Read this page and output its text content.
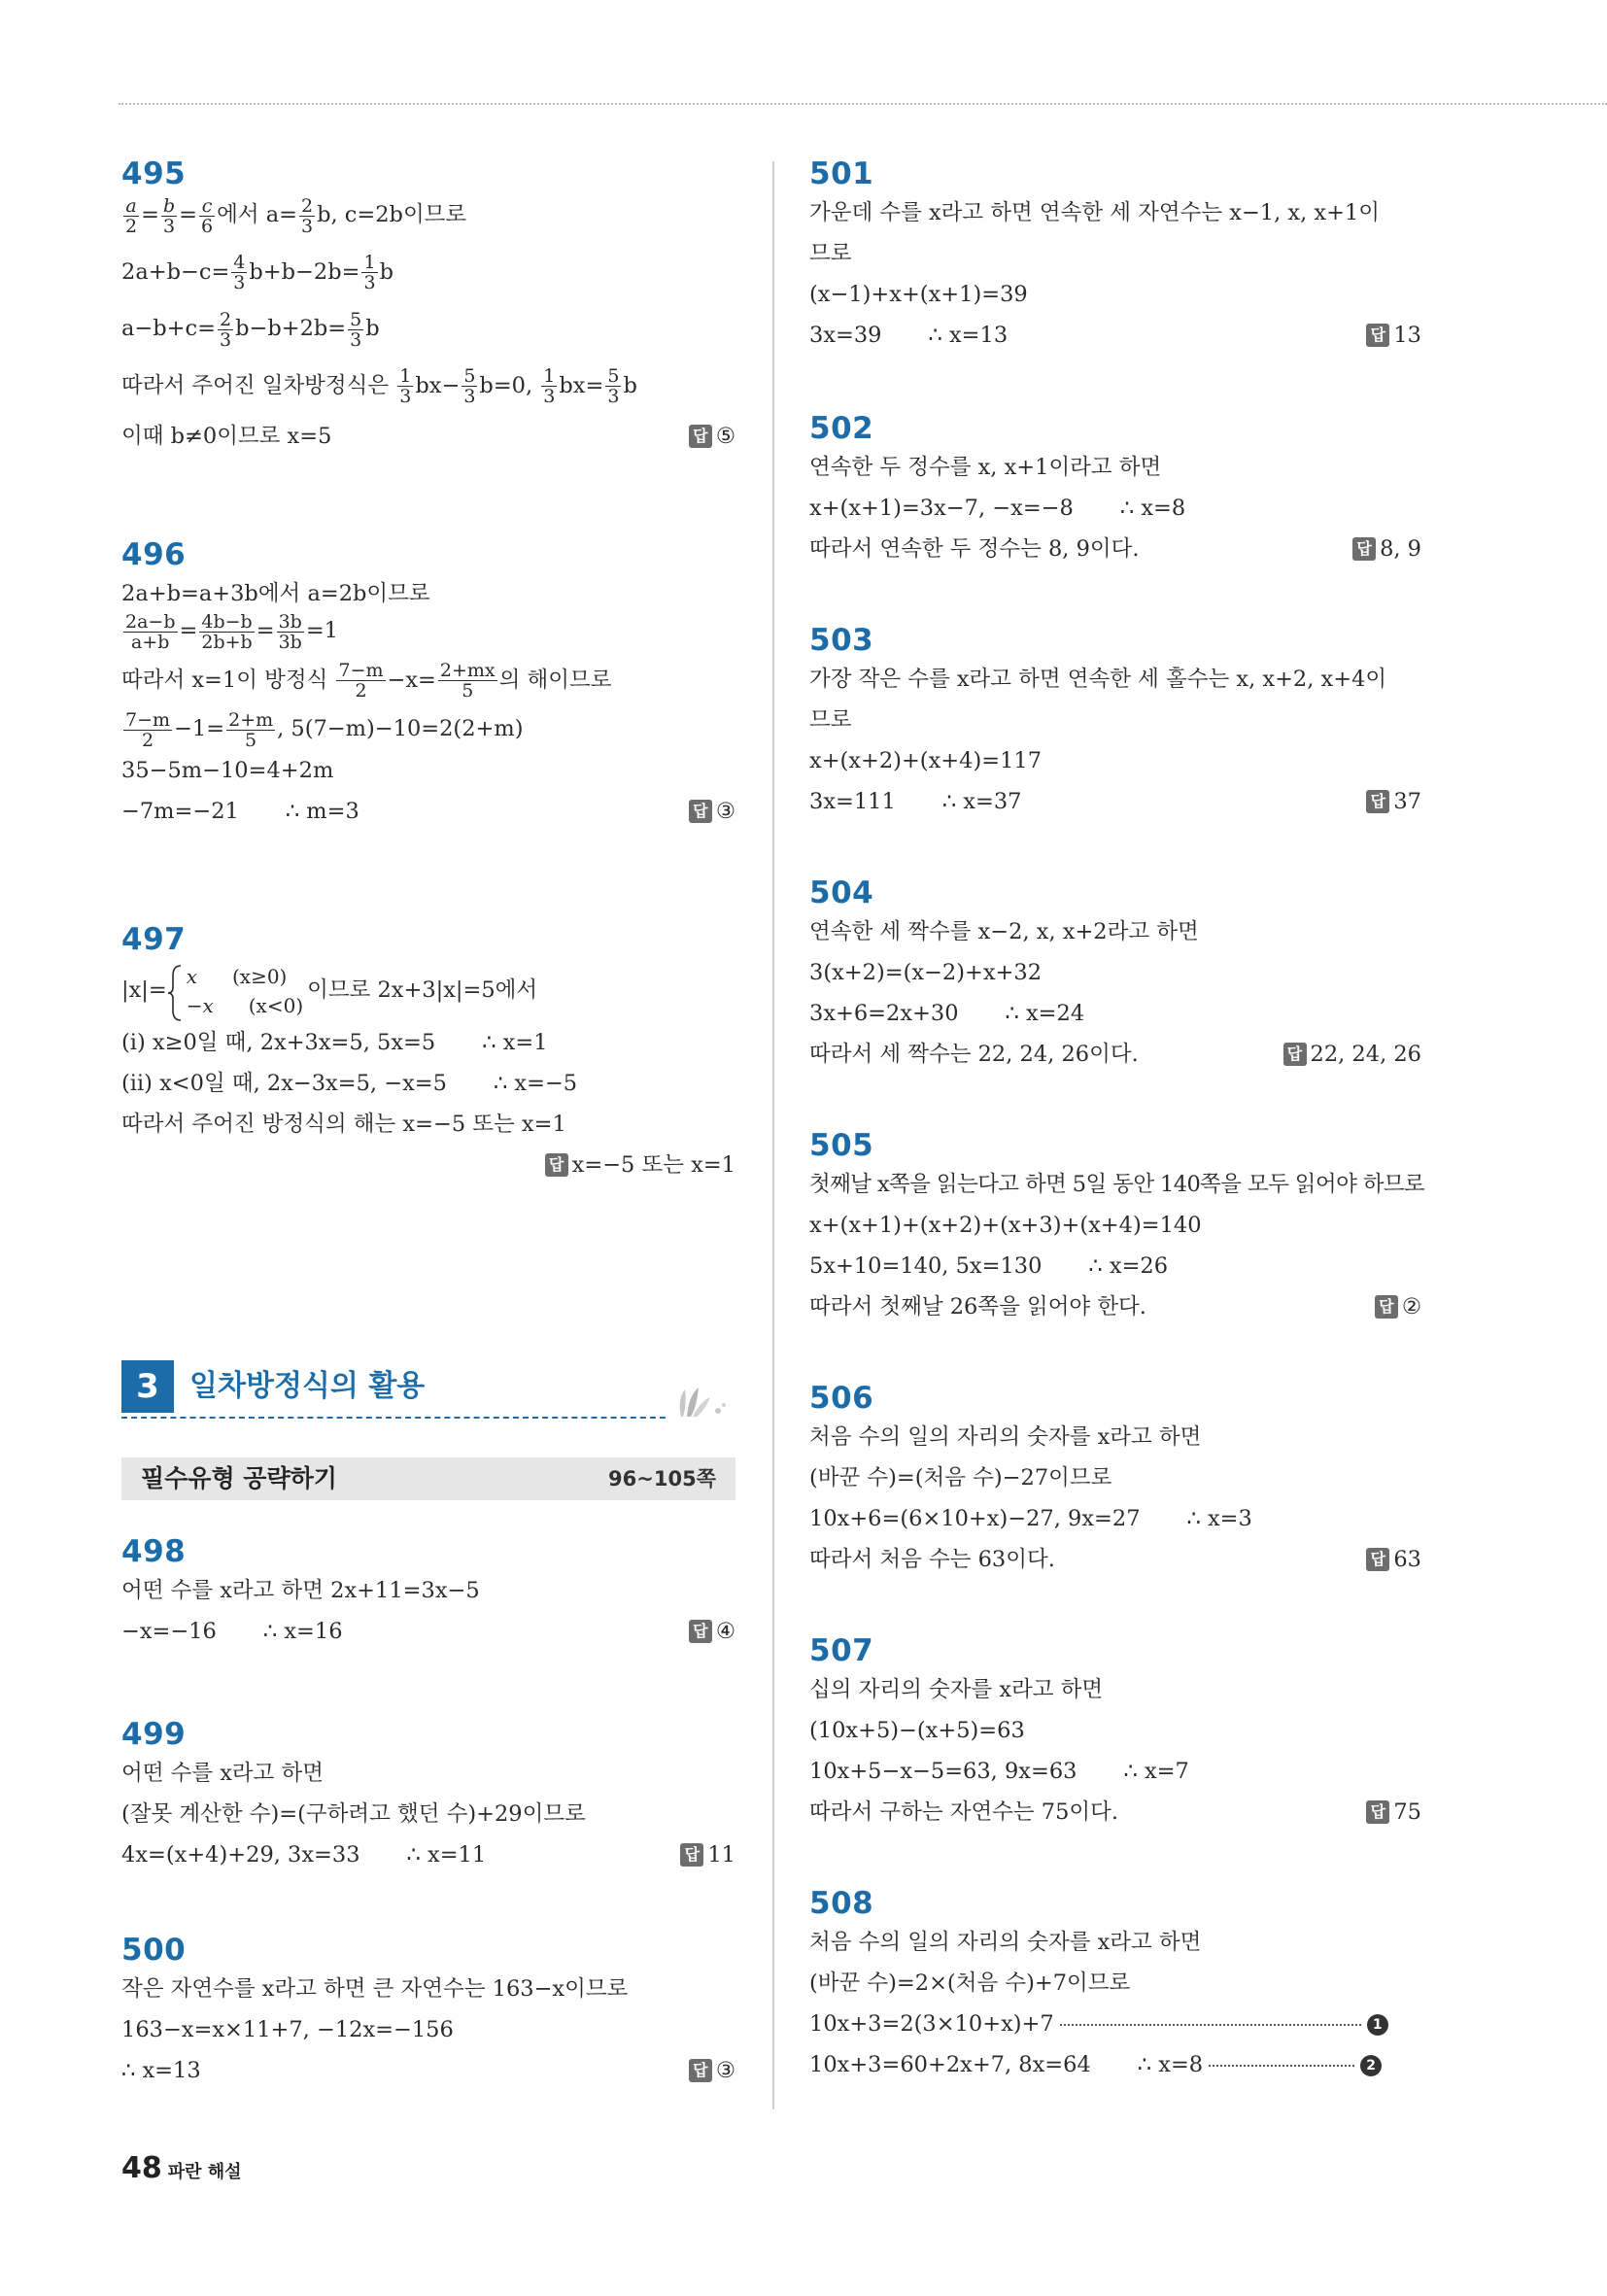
495
$\frac{a}{2} = \frac{b}{3} = \frac{c}{6}$ 에서 $a= \frac{2}{3} b$, c=2b이므로
$2a+b-c= \frac{4}{3} b+b-2b= \frac{1}{3}$ b
$a-b+c= \frac{2}{3} b-b+2b= \frac{5}{3}$ b
따라서 주어진 일차방정식은 $\frac{1}{3} bx- \frac{5}{3} b=0$, $\frac{1}{3} bx= \frac{5}{3}$ b
이때 b≠0이므로 x=5	답 ⑤
496
2a+b=a+3b에서 a=2b이므로
$\frac{2a-b}{a+b} = \frac{4b-b}{2b+b} = \frac{3b}{3b} =1$
따라서 x=1이 방정식 $\frac{7-m}{2} -x= \frac{2+mx}{5}$ 의 해이므로
$\frac{7-m}{2} -1= \frac{2+m}{5}$ , 5(7−m)−10=2(2+m)
35−5m−10=4+2m
−7m=−21 ∴ m=3	답 ③
497
|x|=
x (x≥0)
−x (x<0)
이므로 2x+3|x|=5에서
(ⅰ) x≥0일 때, 2x+3x=5, 5x=5 ∴ x=1
(ⅱ) x<0일 때, 2x−3x=5, −x=5 ∴ x=−5
따라서 주어진 방정식의 해는 x=−5 또는 x=1
답 x=−5 또는 x=1
3	일차방정식의 활용
필수유형 공략하기	96~105쪽
498
어떤 수를 x라고 하면 2x+11=3x−5
−x=−16 ∴ x=16	답 ④
499
어떤 수를 x라고 하면
(잘못 계산한 수)=(구하려고 했던 수)+29이므로
4x=(x+4)+29, 3x=33 ∴ x=11	답 11
500
작은 자연수를 x라고 하면 큰 자연수는 163−x이므로
163−x=x×11+7, −12x=−156
∴ x=13	답 ③
501
가운데 수를 x라고 하면 연속한 세 자연수는 x−1, x, x+1이
므로
(x−1)+x+(x+1)=39
3x=39 ∴ x=13	답 13
502
연속한 두 정수를 x, x+1이라고 하면
x+(x+1)=3x−7, −x=−8 ∴ x=8
따라서 연속한 두 정수는 8, 9이다.	답 8, 9
503
가장 작은 수를 x라고 하면 연속한 세 홀수는 x, x+2, x+4이
므로
x+(x+2)+(x+4)=117
3x=111 ∴ x=37	답 37
504
연속한 세 짝수를 x−2, x, x+2라고 하면
3(x+2)=(x−2)+x+32
3x+6=2x+30 ∴ x=24
따라서 세 짝수는 22, 24, 26이다.	답 22, 24, 26
505
첫째날 x쪽을 읽는다고 하면 5일 동안 140쪽을 모두 읽어야 하므로
x+(x+1)+(x+2)+(x+3)+(x+4)=140
5x+10=140, 5x=130 ∴ x=26
따라서 첫째날 26쪽을 읽어야 한다.	답 ②
506
처음 수의 일의 자리의 숫자를 x라고 하면
(바꾼 수)=(처음 수)−27이므로
10x+6=(6×10+x)−27, 9x=27 ∴ x=3
따라서 처음 수는 63이다.	답 63
507
십의 자리의 숫자를 x라고 하면
(10x+5)−(x+5)=63
10x+5−x−5=63, 9x=63 ∴ x=7
따라서 구하는 자연수는 75이다.	답 75
508
처음 수의 일의 자리의 숫자를 x라고 하면
(바꾼 수)=2×(처음 수)+7이므로
10x+3=2(3×10+x)+7	1
10x+3=60+2x+7, 8x=64 ∴ x=8	2
48 파란 해설
